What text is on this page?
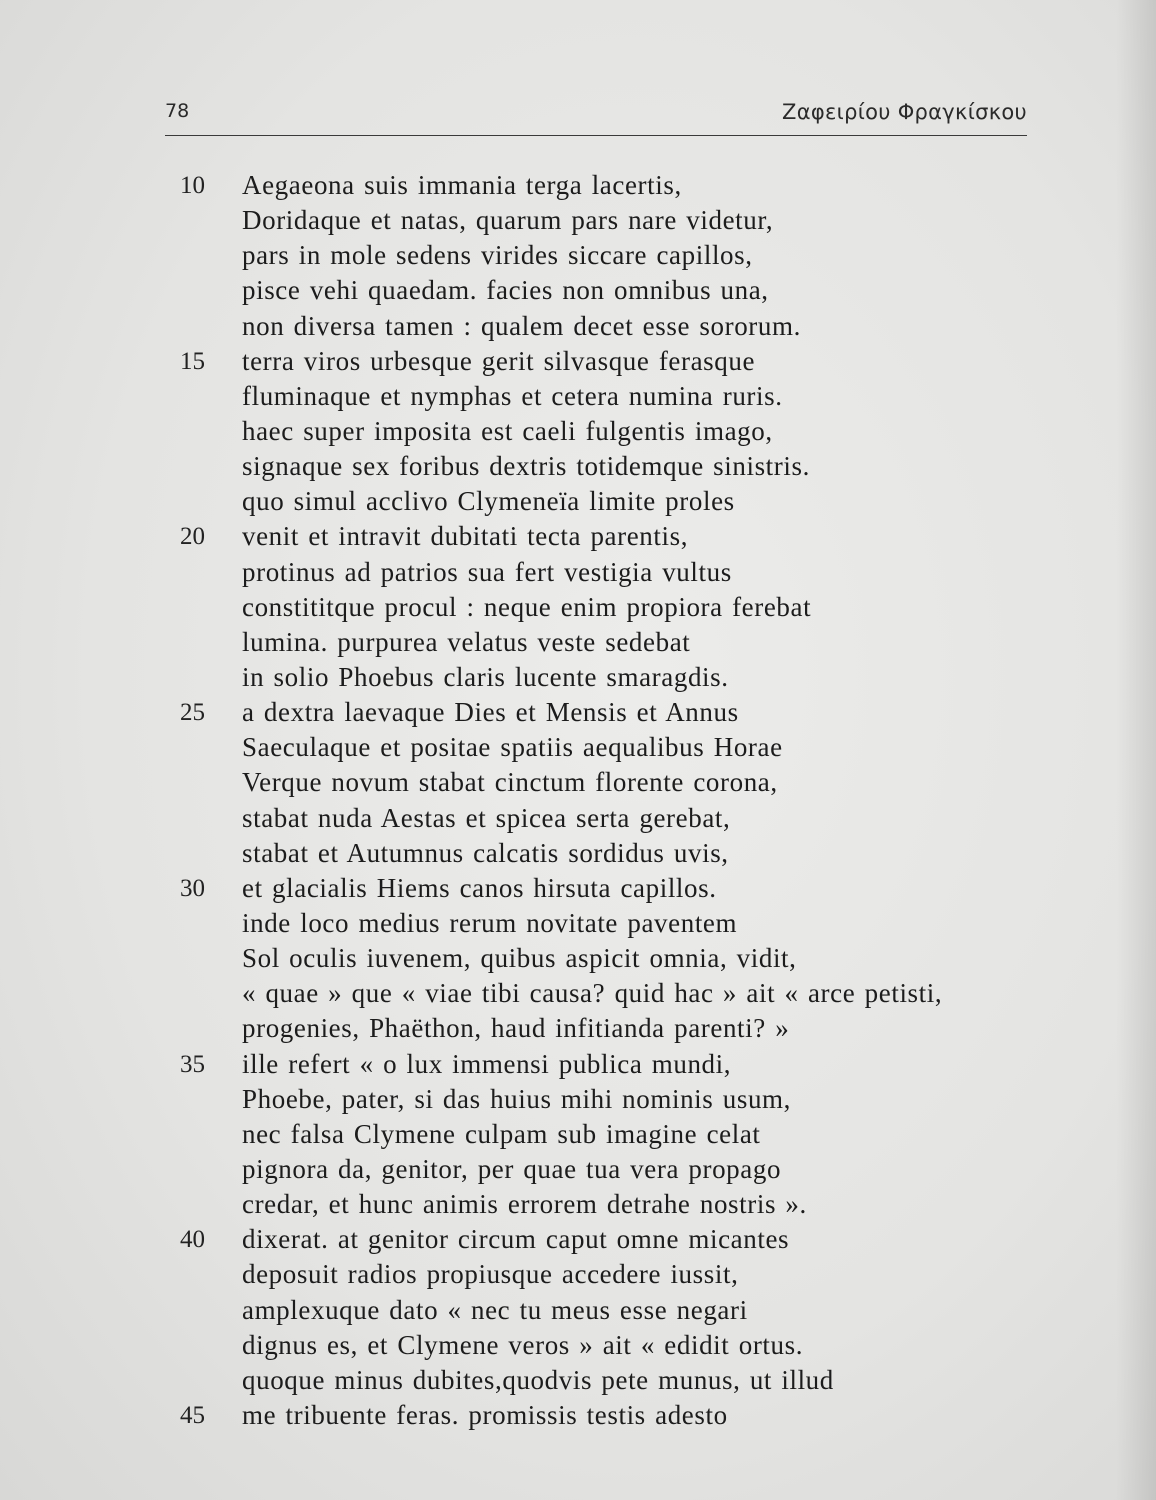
78	Ζαφειρίου Φραγκίσκου
10	Aegaeona suis immania terga lacertis,
Doridaque et natas, quarum pars nare videtur,
pars in mole sedens virides siccare capillos,
pisce vehi quaedam. facies non omnibus una,
non diversa tamen : qualem decet esse sororum.
15	terra viros urbesque gerit silvasque ferasque
fluminaque et nymphas et cetera numina ruris.
haec super imposita est caeli fulgentis imago,
signaque sex foribus dextris totidemque sinistris.
quo simul acclivo Clymeneïa limite proles
20	venit et intravit dubitati tecta parentis,
protinus ad patrios sua fert vestigia vultus
constititque procul : neque enim propiora ferebat
lumina. purpurea velatus veste sedebat
in solio Phoebus claris lucente smaragdis.
25	a dextra laevaque Dies et Mensis et Annus
Saeculaque et positae spatiis aequalibus Horae
Verque novum stabat cinctum florente corona,
stabat nuda Aestas et spicea serta gerebat,
stabat et Autumnus calcatis sordidus uvis,
30	et glacialis Hiems canos hirsuta capillos.
inde loco medius rerum novitate paventem
Sol oculis iuvenem, quibus aspicit omnia, vidit,
« quae » que « viae tibi causa? quid hac » ait « arce petisti,
progenies, Phaëthon, haud infitianda parenti? »
35	ille refert « o lux immensi publica mundi,
Phoebe, pater, si das huius mihi nominis usum,
nec falsa Clymene culpam sub imagine celat
pignora da, genitor, per quae tua vera propago
credar, et hunc animis errorem detrahe nostris ».
40	dixerat. at genitor circum caput omne micantes
deposuit radios propiusque accedere iussit,
amplexuque dato « nec tu meus esse negari
dignus es, et Clymene veros » ait « edidit ortus.
quoque minus dubites,quodvis pete munus, ut illud
45	me tribuente feras. promissis testis adesto
